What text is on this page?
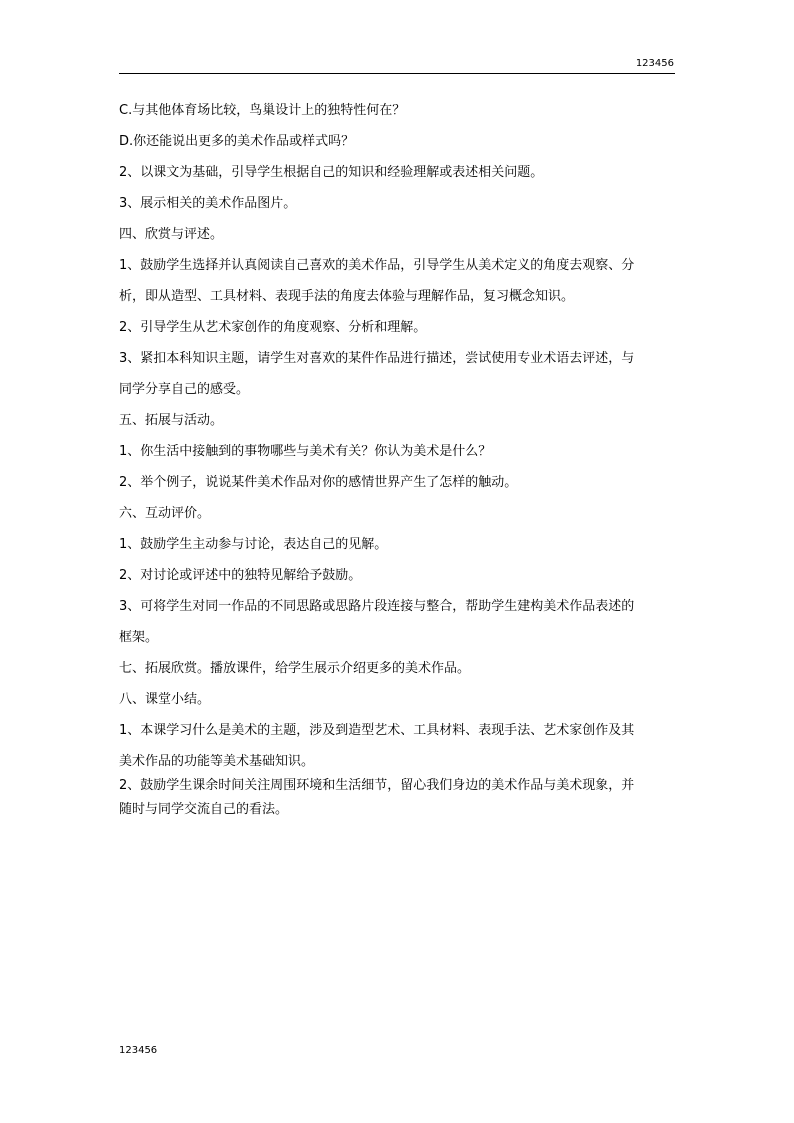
123456
C.与其他体育场比较，鸟巢设计上的独特性何在？
D.你还能说出更多的美术作品或样式吗？
2、以课文为基础，引导学生根据自己的知识和经验理解或表述相关问题。
3、展示相关的美术作品图片。
四、欣赏与评述。
1、鼓励学生选择并认真阅读自己喜欢的美术作品，引导学生从美术定义的角度去观察、分
析，即从造型、工具材料、表现手法的角度去体验与理解作品，复习概念知识。
2、引导学生从艺术家创作的角度观察、分析和理解。
3、紧扣本科知识主题，请学生对喜欢的某件作品进行描述，尝试使用专业术语去评述，与
同学分享自己的感受。
五、拓展与活动。
1、你生活中接触到的事物哪些与美术有关？你认为美术是什么？
2、举个例子，说说某件美术作品对你的感情世界产生了怎样的触动。
六、互动评价。
1、鼓励学生主动参与讨论，表达自己的见解。
2、对讨论或评述中的独特见解给予鼓励。
3、可将学生对同一作品的不同思路或思路片段连接与整合，帮助学生建构美术作品表述的
框架。
七、拓展欣赏。播放课件，给学生展示介绍更多的美术作品。
八、课堂小结。
1、本课学习什么是美术的主题，涉及到造型艺术、工具材料、表现手法、艺术家创作及其
美术作品的功能等美术基础知识。
2、鼓励学生课余时间关注周围环境和生活细节，留心我们身边的美术作品与美术现象，并
随时与同学交流自己的看法。
123456
